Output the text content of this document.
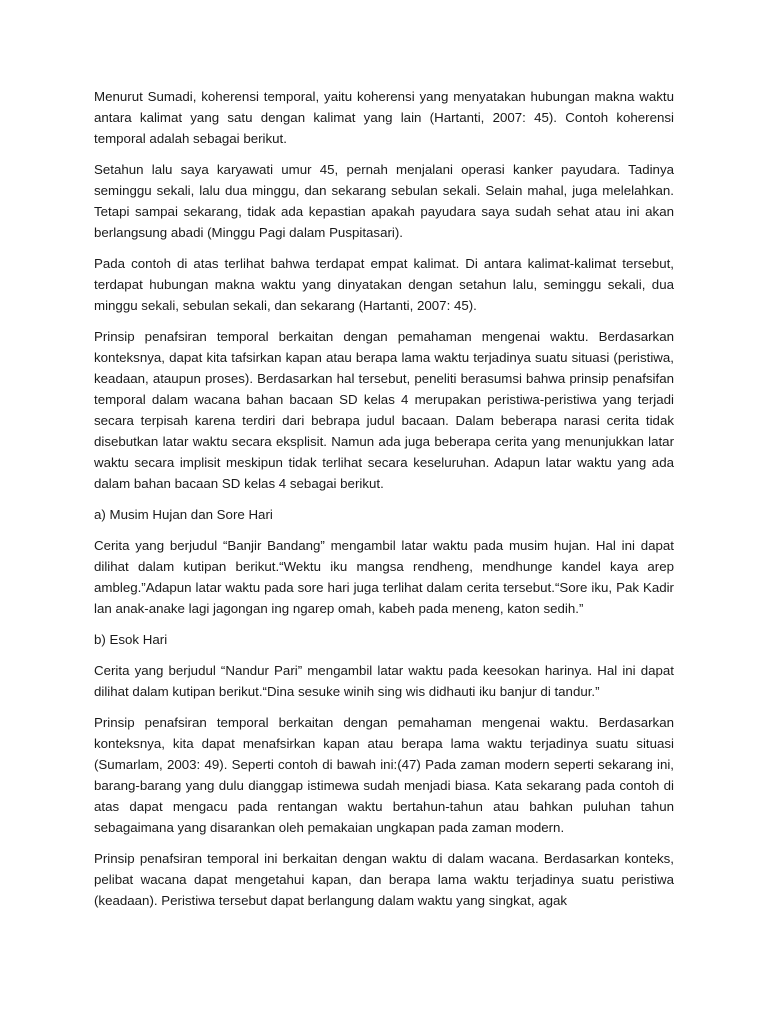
Menurut Sumadi, koherensi temporal, yaitu koherensi yang menyatakan hubungan makna waktu antara kalimat yang satu dengan kalimat yang lain (Hartanti, 2007: 45). Contoh koherensi temporal adalah sebagai berikut.

Setahun lalu saya karyawati umur 45, pernah menjalani operasi kanker payudara. Tadinya seminggu sekali, lalu dua minggu, dan sekarang sebulan sekali. Selain mahal, juga melelahkan. Tetapi sampai sekarang, tidak ada kepastian apakah payudara saya sudah sehat atau ini akan berlangsung abadi (Minggu Pagi dalam Puspitasari).

Pada contoh di atas terlihat bahwa terdapat empat kalimat. Di antara kalimat-kalimat tersebut, terdapat hubungan makna waktu yang dinyatakan dengan setahun lalu, seminggu sekali, dua minggu sekali, sebulan sekali, dan sekarang (Hartanti, 2007: 45).

Prinsip penafsiran temporal berkaitan dengan pemahaman mengenai waktu. Berdasarkan konteksnya, dapat kita tafsirkan kapan atau berapa lama waktu terjadinya suatu situasi (peristiwa, keadaan, ataupun proses). Berdasarkan hal tersebut, peneliti berasumsi bahwa prinsip penafsifan temporal dalam wacana bahan bacaan SD kelas 4 merupakan peristiwa-peristiwa yang terjadi secara terpisah karena terdiri dari bebrapa judul bacaan. Dalam beberapa narasi cerita tidak disebutkan latar waktu secara eksplisit. Namun ada juga beberapa cerita yang menunjukkan latar waktu secara implisit meskipun tidak terlihat secara keseluruhan. Adapun latar waktu yang ada dalam bahan bacaan SD kelas 4 sebagai berikut.

a) Musim Hujan dan Sore Hari

Cerita yang berjudul “Banjir Bandang” mengambil latar waktu pada musim hujan. Hal ini dapat dilihat dalam kutipan berikut.“Wektu iku mangsa rendheng, mendhunge kandel kaya arep ambleg.”Adapun latar waktu pada sore hari juga terlihat dalam cerita tersebut.“Sore iku, Pak Kadir lan anak-anake lagi jagongan ing ngarep omah, kabeh pada meneng, katon sedih.”

b) Esok Hari

Cerita yang berjudul “Nandur Pari” mengambil latar waktu pada keesokan harinya. Hal ini dapat dilihat dalam kutipan berikut.“Dina sesuke winih sing wis didhauti iku banjur di tandur.”

Prinsip penafsiran temporal berkaitan dengan pemahaman mengenai waktu. Berdasarkan konteksnya, kita dapat menafsirkan kapan atau berapa lama waktu terjadinya suatu situasi (Sumarlam, 2003: 49). Seperti contoh di bawah ini:(47) Pada zaman modern seperti sekarang ini, barang-barang yang dulu dianggap istimewa sudah menjadi biasa. Kata sekarang pada contoh di atas dapat mengacu pada rentangan waktu bertahun-tahun atau bahkan puluhan tahun sebagaimana yang disarankan oleh pemakaian ungkapan pada zaman modern.

Prinsip penafsiran temporal ini berkaitan dengan waktu di dalam wacana. Berdasarkan konteks, pelibat wacana dapat mengetahui kapan, dan berapa lama waktu terjadinya suatu peristiwa (keadaan). Peristiwa tersebut dapat berlangung dalam waktu yang singkat, agak
